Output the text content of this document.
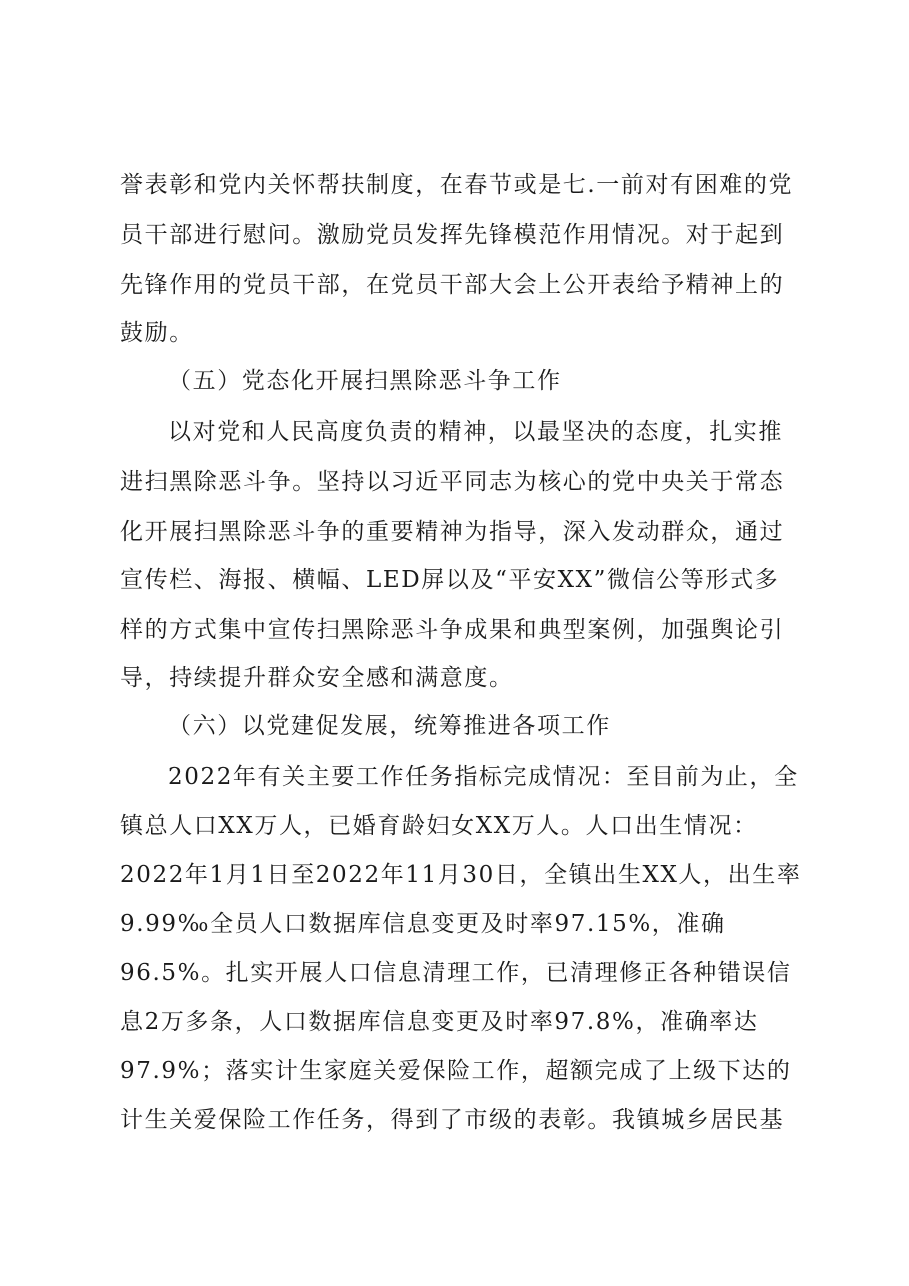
誉表彰和党内关怀帮扶制度，在春节或是七.一前对有困难的党
员干部进行慰问。激励党员发挥先锋模范作用情况。对于起到
先锋作用的党员干部，在党员干部大会上公开表给予精神上的
鼓励。
（五）党态化开展扫黑除恶斗争工作
以对党和人民高度负责的精神，以最坚决的态度，扎实推
进扫黑除恶斗争。坚持以习近平同志为核心的党中央关于常态
化开展扫黑除恶斗争的重要精神为指导，深入发动群众，通过
宣传栏、海报、横幅、LED屏以及“平安XX”微信公等形式多
样的方式集中宣传扫黑除恶斗争成果和典型案例，加强舆论引
导，持续提升群众安全感和满意度。
（六）以党建促发展，统筹推进各项工作
2022年有关主要工作任务指标完成情况：至目前为止，全
镇总人口XX万人，已婚育龄妇女XX万人。人口出生情况：
2022年1月1日至2022年11月30日，全镇出生XX人，出生率
9.99‰全员人口数据库信息变更及时率97.15%，准确
96.5%。扎实开展人口信息清理工作，已清理修正各种错误信
息2万多条，人口数据库信息变更及时率97.8%，准确率达
97.9%；落实计生家庭关爱保险工作，超额完成了上级下达的
计生关爱保险工作任务，得到了市级的表彰。我镇城乡居民基
